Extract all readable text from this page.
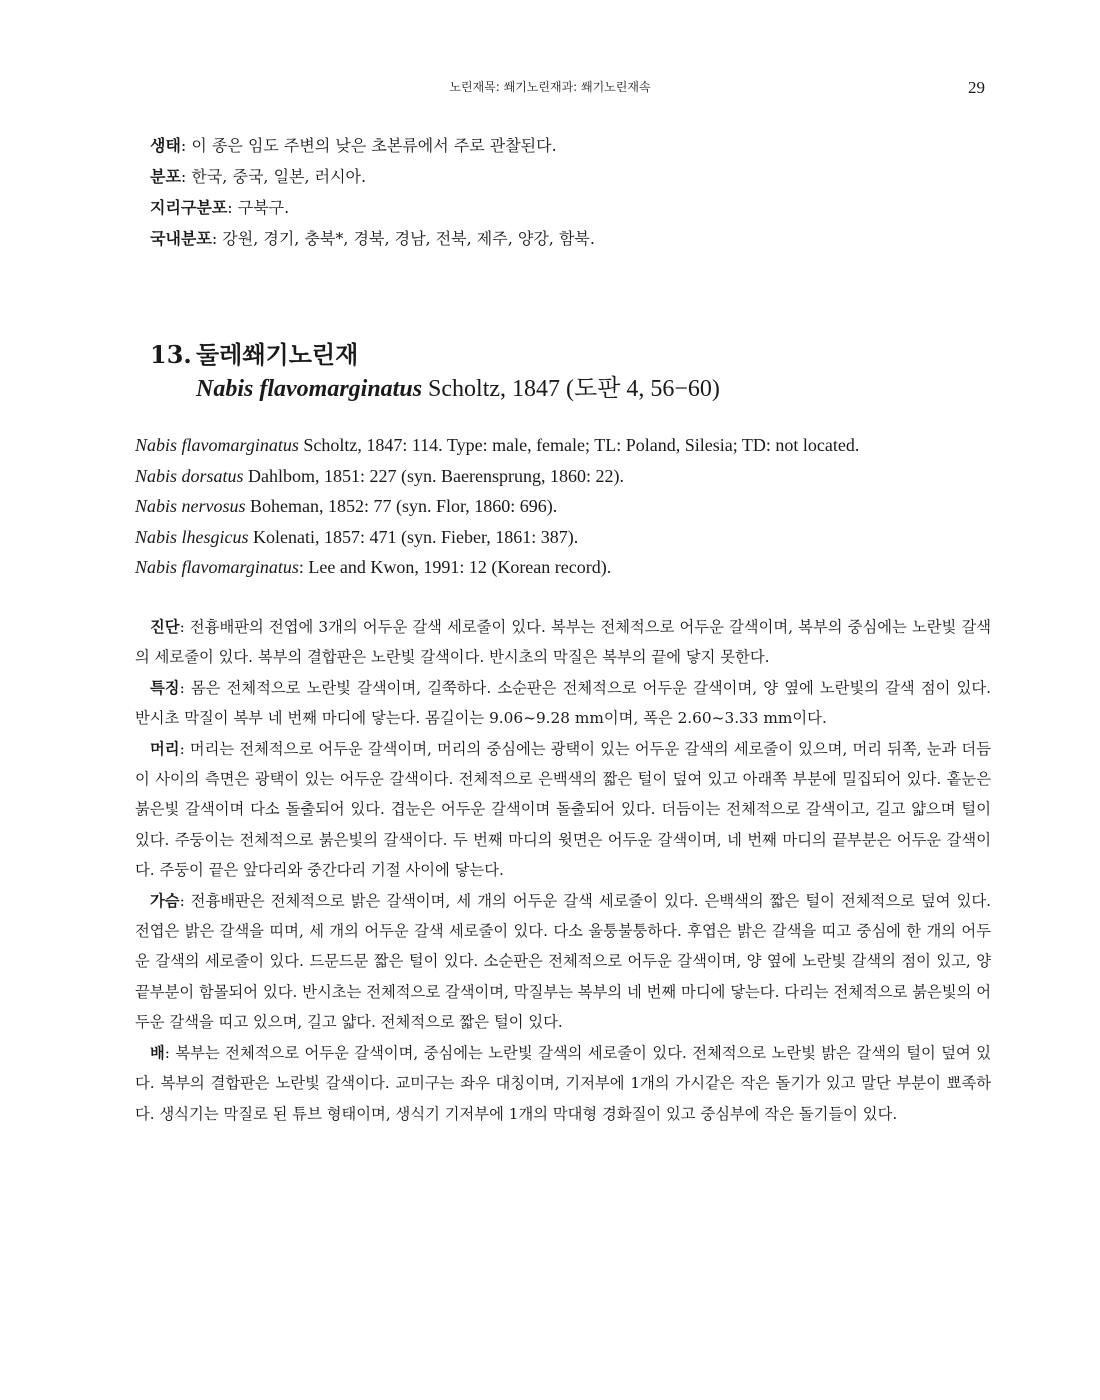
노린재목: 쐐기노린재과: 쐐기노린재속	29
생태: 이 종은 임도 주변의 낮은 초본류에서 주로 관찰된다.
분포: 한국, 중국, 일본, 러시아.
지리구분포: 구북구.
국내분포: 강원, 경기, 충북*, 경북, 경남, 전북, 제주, 양강, 함북.
13. 둘레쐐기노린재
Nabis flavomarginatus Scholtz, 1847 (도판 4, 56−60)
Nabis flavomarginatus Scholtz, 1847: 114. Type: male, female; TL: Poland, Silesia; TD: not located.
Nabis dorsatus Dahlbom, 1851: 227 (syn. Baerensprung, 1860: 22).
Nabis nervosus Boheman, 1852: 77 (syn. Flor, 1860: 696).
Nabis lhesgicus Kolenati, 1857: 471 (syn. Fieber, 1861: 387).
Nabis flavomarginatus: Lee and Kwon, 1991: 12 (Korean record).

진단: 전흉배판의 전엽에 3개의 어두운 갈색 세로줄이 있다. 복부는 전체적으로 어두운 갈색이며, 복부의 중심에는 노란빛 갈색의 세로줄이 있다. 복부의 결합판은 노란빛 갈색이다. 반시초의 막질은 복부의 끝에 닿지 못한다.

특징: 몸은 전체적으로 노란빛 갈색이며, 길쭉하다. 소순판은 전체적으로 어두운 갈색이며, 양 옆에 노란빛의 갈색 점이 있다. 반시초 막질이 복부 네 번째 마디에 닿는다. 몸길이는 9.06~9.28 mm이며, 폭은 2.60~3.33 mm이다.

머리: 머리는 전체적으로 어두운 갈색이며, 머리의 중심에는 광택이 있는 어두운 갈색의 세로줄이 있으며, 머리 뒤쪽, 눈과 더듬이 사이의 측면은 광택이 있는 어두운 갈색이다. 전체적으로 은백색의 짧은 털이 덮여 있고 아래쪽 부분에 밀집되어 있다. 홑눈은 붉은빛 갈색이며 다소 돌출되어 있다. 겹눈은 어두운 갈색이며 돌출되어 있다. 더듬이는 전체적으로 갈색이고, 길고 얇으며 털이 있다. 주둥이는 전체적으로 붉은빛의 갈색이다. 두 번째 마디의 윗면은 어두운 갈색이며, 네 번째 마디의 끝부분은 어두운 갈색이다. 주둥이 끝은 앞다리와 중간다리 기절 사이에 닿는다.

가슴: 전흉배판은 전체적으로 밝은 갈색이며, 세 개의 어두운 갈색 세로줄이 있다. 은백색의 짧은 털이 전체적으로 덮여 있다. 전엽은 밝은 갈색을 띠며, 세 개의 어두운 갈색 세로줄이 있다. 다소 울퉁불퉁하다. 후엽은 밝은 갈색을 띠고 중심에 한 개의 어두운 갈색의 세로줄이 있다. 드문드문 짧은 털이 있다. 소순판은 전체적으로 어두운 갈색이며, 양 옆에 노란빛 갈색의 점이 있고, 양 끝부분이 함몰되어 있다. 반시초는 전체적으로 갈색이며, 막질부는 복부의 네 번째 마디에 닿는다. 다리는 전체적으로 붉은빛의 어두운 갈색을 띠고 있으며, 길고 얇다. 전체적으로 짧은 털이 있다.

배: 복부는 전체적으로 어두운 갈색이며, 중심에는 노란빛 갈색의 세로줄이 있다. 전체적으로 노란빛 밝은 갈색의 털이 덮여 있다. 복부의 결합판은 노란빛 갈색이다. 교미구는 좌우 대칭이며, 기저부에 1개의 가시같은 작은 돌기가 있고 말단 부분이 뾰족하다. 생식기는 막질로 된 튜브 형태이며, 생식기 기저부에 1개의 막대형 경화질이 있고 중심부에 작은 돌기들이 있다.
